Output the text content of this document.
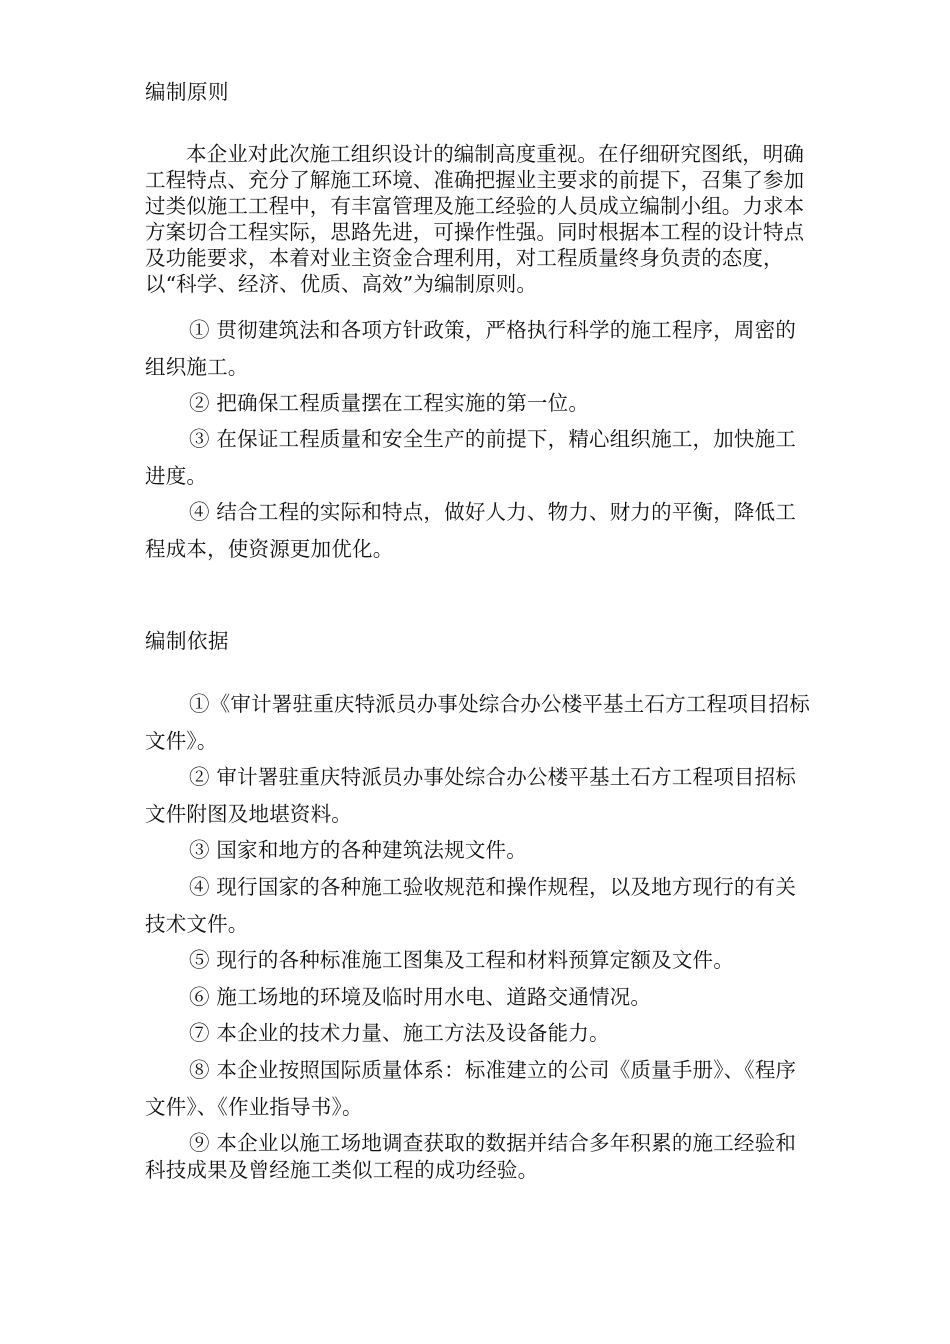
编制原则

本企业对此次施工组织设计的编制高度重视。在仔细研究图纸，明确工程特点、充分了解施工环境、准确把握业主要求的前提下，召集了参加过类似施工工程中，有丰富管理及施工经验的人员成立编制小组。力求本方案切合工程实际，思路先进，可操作性强。同时根据本工程的设计特点及功能要求，本着对业主资金合理利用，对工程质量终身负责的态度，以“科学、经济、优质、高效”为编制原则。

① 贯彻建筑法和各项方针政策，严格执行科学的施工程序，周密的组织施工。

② 把确保工程质量摆在工程实施的第一位。

③ 在保证工程质量和安全生产的前提下，精心组织施工，加快施工进度。

④ 结合工程的实际和特点，做好人力、物力、财力的平衡，降低工程成本，使资源更加优化。

编制依据

①《审计署驻重庆特派员办事处综合办公楼平基土石方工程项目招标文件》。

② 审计署驻重庆特派员办事处综合办公楼平基土石方工程项目招标文件附图及地堪资料。

③ 国家和地方的各种建筑法规文件。

④ 现行国家的各种施工验收规范和操作规程，以及地方现行的有关技术文件。

⑤ 现行的各种标准施工图集及工程和材料预算定额及文件。

⑥ 施工场地的环境及临时用水电、道路交通情况。

⑦ 本企业的技术力量、施工方法及设备能力。

⑧ 本企业按照国际质量体系：标准建立的公司《质量手册》、《程序文件》、《作业指导书》。

⑨ 本企业以施工场地调查获取的数据并结合多年积累的施工经验和科技成果及曾经施工类似工程的成功经验。
